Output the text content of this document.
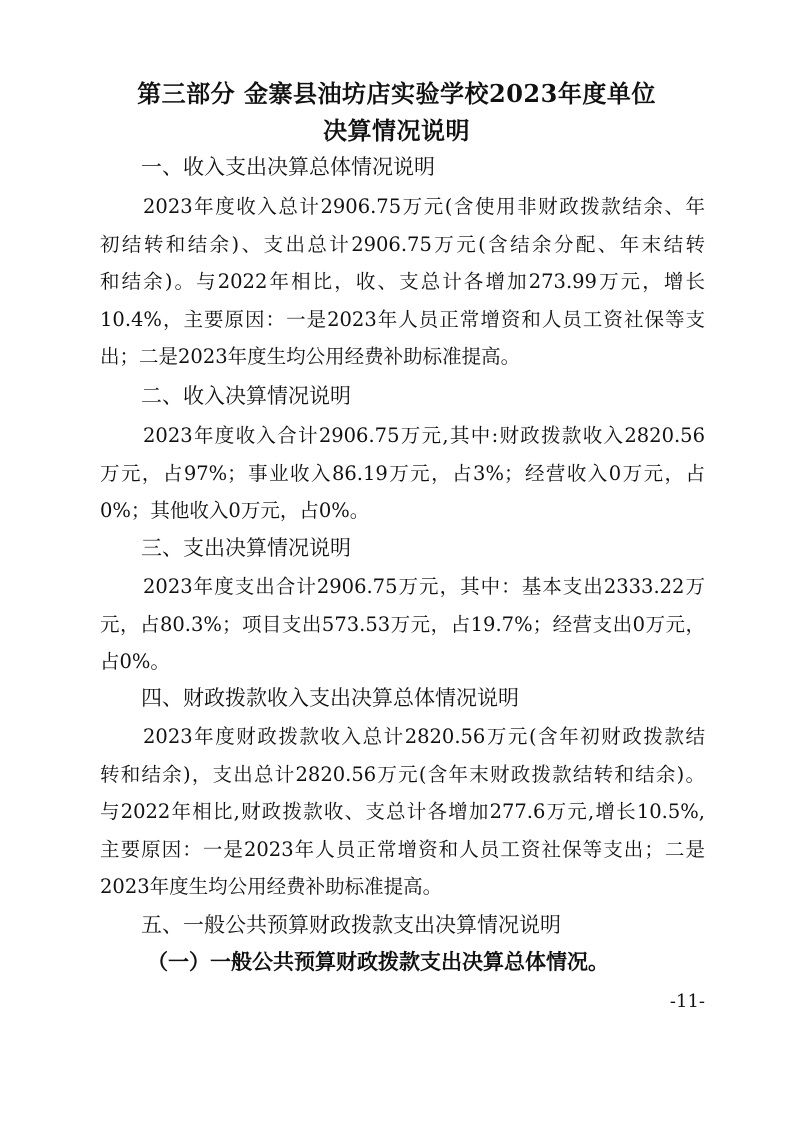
第三部分 金寨县油坊店实验学校2023年度单位
决算情况说明
一、收入支出决算总体情况说明
2023年度收入总计2906.75万元(含使用非财政拨款结余、年
初结转和结余)、支出总计2906.75万元(含结余分配、年末结转
和结余)。与2022年相比，收、支总计各增加273.99万元，增长
10.4%，主要原因：一是2023年人员正常增资和人员工资社保等支
出；二是2023年度生均公用经费补助标准提高。
二、收入决算情况说明
2023年度收入合计2906.75万元,其中:财政拨款收入2820.56
万元，占97%；事业收入86.19万元，占3%；经营收入0万元，占
0%；其他收入0万元，占0%。
三、支出决算情况说明
2023年度支出合计2906.75万元，其中：基本支出2333.22万
元，占80.3%；项目支出573.53万元，占19.7%；经营支出0万元，
占0%。
四、财政拨款收入支出决算总体情况说明
2023年度财政拨款收入总计2820.56万元(含年初财政拨款结
转和结余)，支出总计2820.56万元(含年末财政拨款结转和结余)。
与2022年相比,财政拨款收、支总计各增加277.6万元,增长10.5%,
主要原因：一是2023年人员正常增资和人员工资社保等支出；二是
2023年度生均公用经费补助标准提高。
五、一般公共预算财政拨款支出决算情况说明
（一）一般公共预算财政拨款支出决算总体情况。
-11-
